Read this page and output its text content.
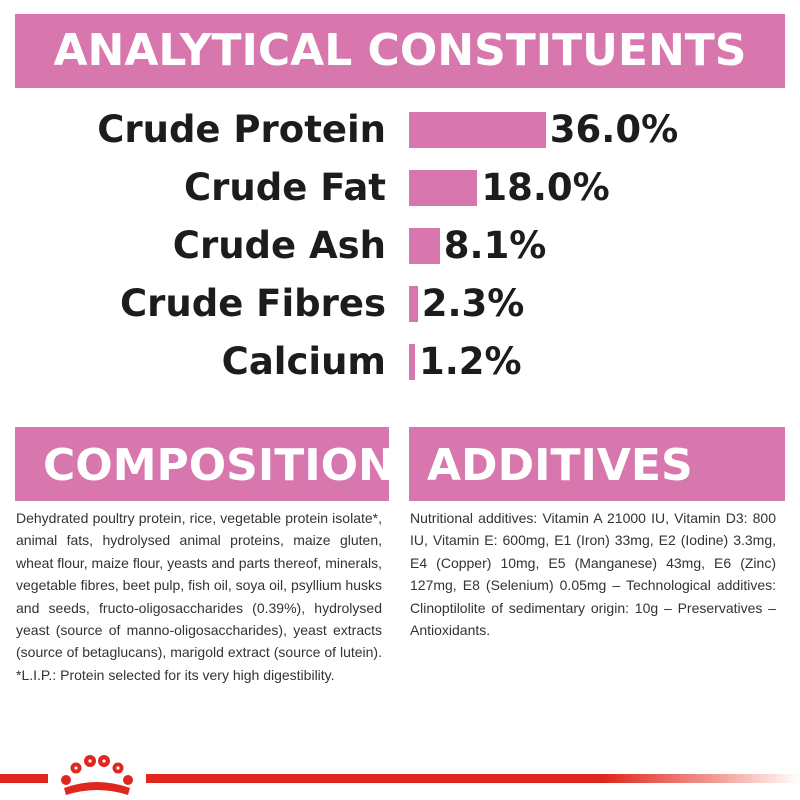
ANALYTICAL CONSTITUENTS
Crude Protein	36.0%
Crude Fat	18.0%
Crude Ash 8.1%
Crude Fibres 2.3%
Calcium 1.2%
COMPOSITION
Dehydrated poultry protein, rice, vegetable protein isolate*, animal fats, hydrolysed animal proteins, maize gluten, wheat flour, maize flour, yeasts and parts thereof, minerals, vegetable fibres, beet pulp, fish oil, soya oil, psyllium husks and seeds, fructo-oligosaccharides (0.39%), hydrolysed yeast (source of manno-oligosaccharides), yeast extracts (source of betaglucans), marigold extract (source of lutein). *L.I.P.: Protein selected for its very high digestibility.
ADDITIVES
Nutritional additives: Vitamin A 21000 IU, Vitamin D3: 800 IU, Vitamin E: 600mg, E1 (Iron) 33mg, E2 (Iodine) 3.3mg, E4 (Copper) 10mg, E5 (Manganese) 43mg, E6 (Zinc) 127mg, E8 (Selenium) 0.05mg – Technological additives: Clinoptilolite of sedimentary origin: 10g – Preservatives – Antioxidants.
